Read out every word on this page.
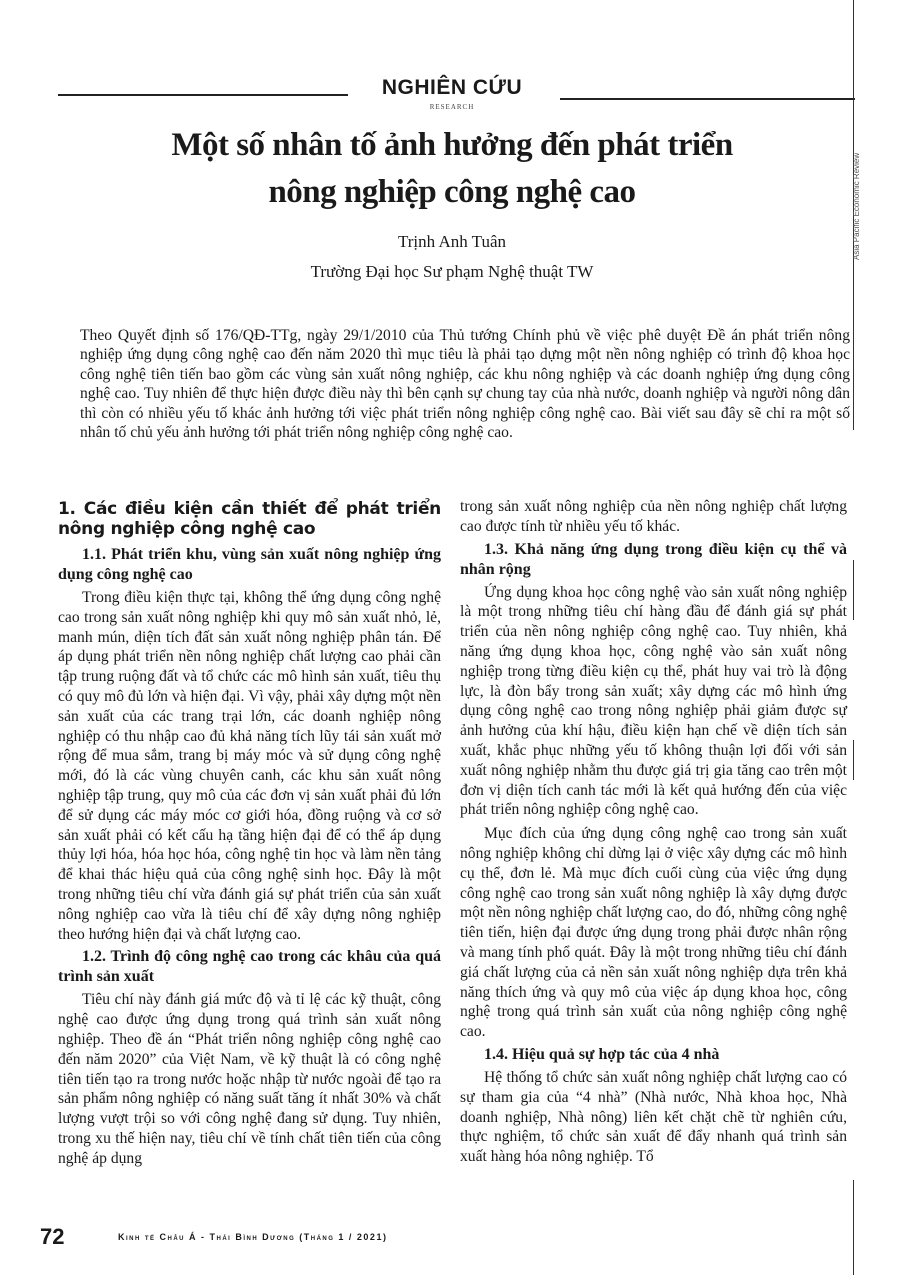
NGHIÊN CỨU
RESEARCH
Asia Pacific Economic Review
Một số nhân tố ảnh hưởng đến phát triển
nông nghiệp công nghệ cao
Trịnh Anh Tuân
Trường Đại học Sư phạm Nghệ thuật TW
Theo Quyết định số 176/QĐ-TTg, ngày 29/1/2010 của Thủ tướng Chính phủ về việc phê duyệt Đề án phát triển nông nghiệp ứng dụng công nghệ cao đến năm 2020 thì mục tiêu là phải tạo dựng một nền nông nghiệp có trình độ khoa học công nghệ tiên tiến bao gồm các vùng sản xuất nông nghiệp, các khu nông nghiệp và các doanh nghiệp ứng dụng công nghệ cao. Tuy nhiên để thực hiện được điều này thì bên cạnh sự chung tay của nhà nước, doanh nghiệp và người nông dân thì còn có nhiều yếu tố khác ảnh hưởng tới việc phát triển nông nghiệp công nghệ cao. Bài viết sau đây sẽ chỉ ra một số nhân tố chủ yếu ảnh hưởng tới phát triển nông nghiệp công nghệ cao.
1. Các điều kiện cần thiết để phát triển nông nghiệp công nghệ cao
1.1. Phát triển khu, vùng sản xuất nông nghiệp ứng dụng công nghệ cao

Trong điều kiện thực tại, không thể ứng dụng công nghệ cao trong sản xuất nông nghiệp khi quy mô sản xuất nhỏ, lẻ, manh mún, diện tích đất sản xuất nông nghiệp phân tán. Để áp dụng phát triển nền nông nghiệp chất lượng cao phải cần tập trung ruộng đất và tổ chức các mô hình sản xuất, tiêu thụ có quy mô đủ lớn và hiện đại. Vì vậy, phải xây dựng một nền sản xuất của các trang trại lớn, các doanh nghiệp nông nghiệp có thu nhập cao đủ khả năng tích lũy tái sản xuất mở rộng để mua sắm, trang bị máy móc và sử dụng công nghệ mới, đó là các vùng chuyên canh, các khu sản xuất nông nghiệp tập trung, quy mô của các đơn vị sản xuất phải đủ lớn để sử dụng các máy móc cơ giới hóa, đồng ruộng và cơ sở sản xuất phải có kết cấu hạ tầng hiện đại để có thể áp dụng thủy lợi hóa, hóa học hóa, công nghệ tin học và làm nền tảng để khai thác hiệu quả của công nghệ sinh học. Đây là một trong những tiêu chí vừa đánh giá sự phát triển của sản xuất nông nghiệp cao vừa là tiêu chí để xây dựng nông nghiệp theo hướng hiện đại và chất lượng cao.

1.2. Trình độ công nghệ cao trong các khâu của quá trình sản xuất

Tiêu chí này đánh giá mức độ và tỉ lệ các kỹ thuật, công nghệ cao được ứng dụng trong quá trình sản xuất nông nghiệp. Theo đề án “Phát triển nông nghiệp công nghệ cao đến năm 2020” của Việt Nam, về kỹ thuật là có công nghệ tiên tiến tạo ra trong nước hoặc nhập từ nước ngoài để tạo ra sản phẩm nông nghiệp có năng suất tăng ít nhất 30% và chất lượng vượt trội so với công nghệ đang sử dụng. Tuy nhiên, trong xu thế hiện nay, tiêu chí về tính chất tiên tiến của công nghệ áp dụng

trong sản xuất nông nghiệp của nền nông nghiệp chất lượng cao được tính từ nhiều yếu tố khác.

1.3. Khả năng ứng dụng trong điều kiện cụ thể và nhân rộng

Ứng dụng khoa học công nghệ vào sản xuất nông nghiệp là một trong những tiêu chí hàng đầu để đánh giá sự phát triển của nền nông nghiệp công nghệ cao. Tuy nhiên, khả năng ứng dụng khoa học, công nghệ vào sản xuất nông nghiệp trong từng điều kiện cụ thể, phát huy vai trò là động lực, là đòn bẩy trong sản xuất; xây dựng các mô hình ứng dụng công nghệ cao trong nông nghiệp phải giảm được sự ảnh hưởng của khí hậu, điều kiện hạn chế về diện tích sản xuất, khắc phục những yếu tố không thuận lợi đối với sản xuất nông nghiệp nhằm thu được giá trị gia tăng cao trên một đơn vị diện tích canh tác mới là kết quả hướng đến của việc phát triển nông nghiệp công nghệ cao.

Mục đích của ứng dụng công nghệ cao trong sản xuất nông nghiệp không chỉ dừng lại ở việc xây dựng các mô hình cụ thể, đơn lẻ. Mà mục đích cuối cùng của việc ứng dụng công nghệ cao trong sản xuất nông nghiệp là xây dựng được một nền nông nghiệp chất lượng cao, do đó, những công nghệ tiên tiến, hiện đại được ứng dụng trong phải được nhân rộng và mang tính phổ quát. Đây là một trong những tiêu chí đánh giá chất lượng của cả nền sản xuất nông nghiệp dựa trên khả năng thích ứng và quy mô của việc áp dụng khoa học, công nghệ trong quá trình sản xuất của nông nghiệp công nghệ cao.

1.4. Hiệu quả sự hợp tác của 4 nhà

Hệ thống tổ chức sản xuất nông nghiệp chất lượng cao có sự tham gia của “4 nhà” (Nhà nước, Nhà khoa học, Nhà doanh nghiệp, Nhà nông) liên kết chặt chẽ từ nghiên cứu, thực nghiệm, tổ chức sản xuất để đẩy nhanh quá trình sản xuất hàng hóa nông nghiệp. Tổ

72	Kinh tế Châu Á - Thái Bình Dương (Tháng 1 / 2021)
